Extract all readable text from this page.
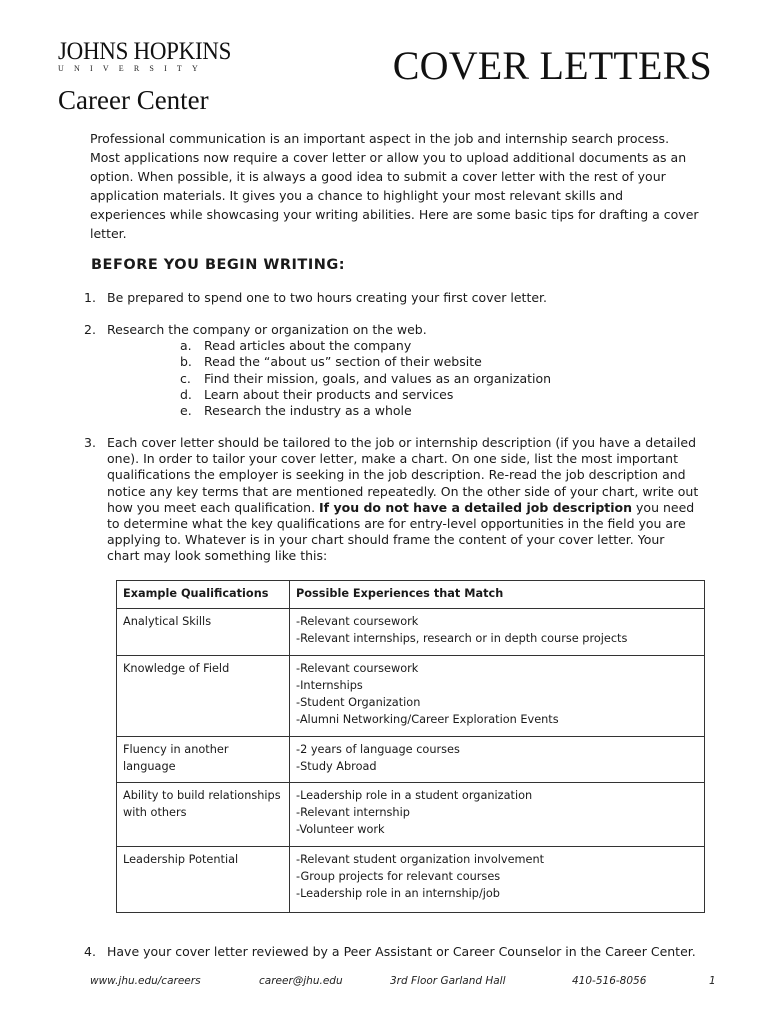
JOHNS HOPKINS
UNIVERSITY
Career Center
COVER LETTERS

Professional communication is an important aspect in the job and internship search process. Most applications now require a cover letter or allow you to upload additional documents as an option. When possible, it is always a good idea to submit a cover letter with the rest of your application materials. It gives you a chance to highlight your most relevant skills and experiences while showcasing your writing abilities. Here are some basic tips for drafting a cover letter.

BEFORE YOU BEGIN WRITING:
1. Be prepared to spend one to two hours creating your first cover letter.
2. Research the company or organization on the web.
a. Read articles about the company
b. Read the “about us” section of their website
c. Find their mission, goals, and values as an organization
d. Learn about their products and services
e. Research the industry as a whole
3. Each cover letter should be tailored to the job or internship description (if you have a detailed one). In order to tailor your cover letter, make a chart. On one side, list the most important qualifications the employer is seeking in the job description. Re-read the job description and notice any key terms that are mentioned repeatedly. On the other side of your chart, write out how you meet each qualification. If you do not have a detailed job description you need to determine what the key qualifications are for entry-level opportunities in the field you are applying to. Whatever is in your chart should frame the content of your cover letter. Your chart may look something like this:
Example Qualifications	Possible Experiences that Match
Analytical Skills	-Relevant coursework
-Relevant internships, research or in depth course projects

Knowledge of Field	-Relevant coursework
-Internships
-Student Organization
-Alumni Networking/Career Exploration Events

Fluency in another language	-2 years of language courses
-Study Abroad

Ability to build relationships with others	-Leadership role in a student organization
-Relevant internship
-Volunteer work

Leadership Potential	-Relevant student organization involvement
-Group projects for relevant courses
-Leadership role in an internship/job
4. Have your cover letter reviewed by a Peer Assistant or Career Counselor in the Career Center.
www.jhu.edu/careers	career@jhu.edu	3rd Floor Garland Hall	410-516-8056	1
